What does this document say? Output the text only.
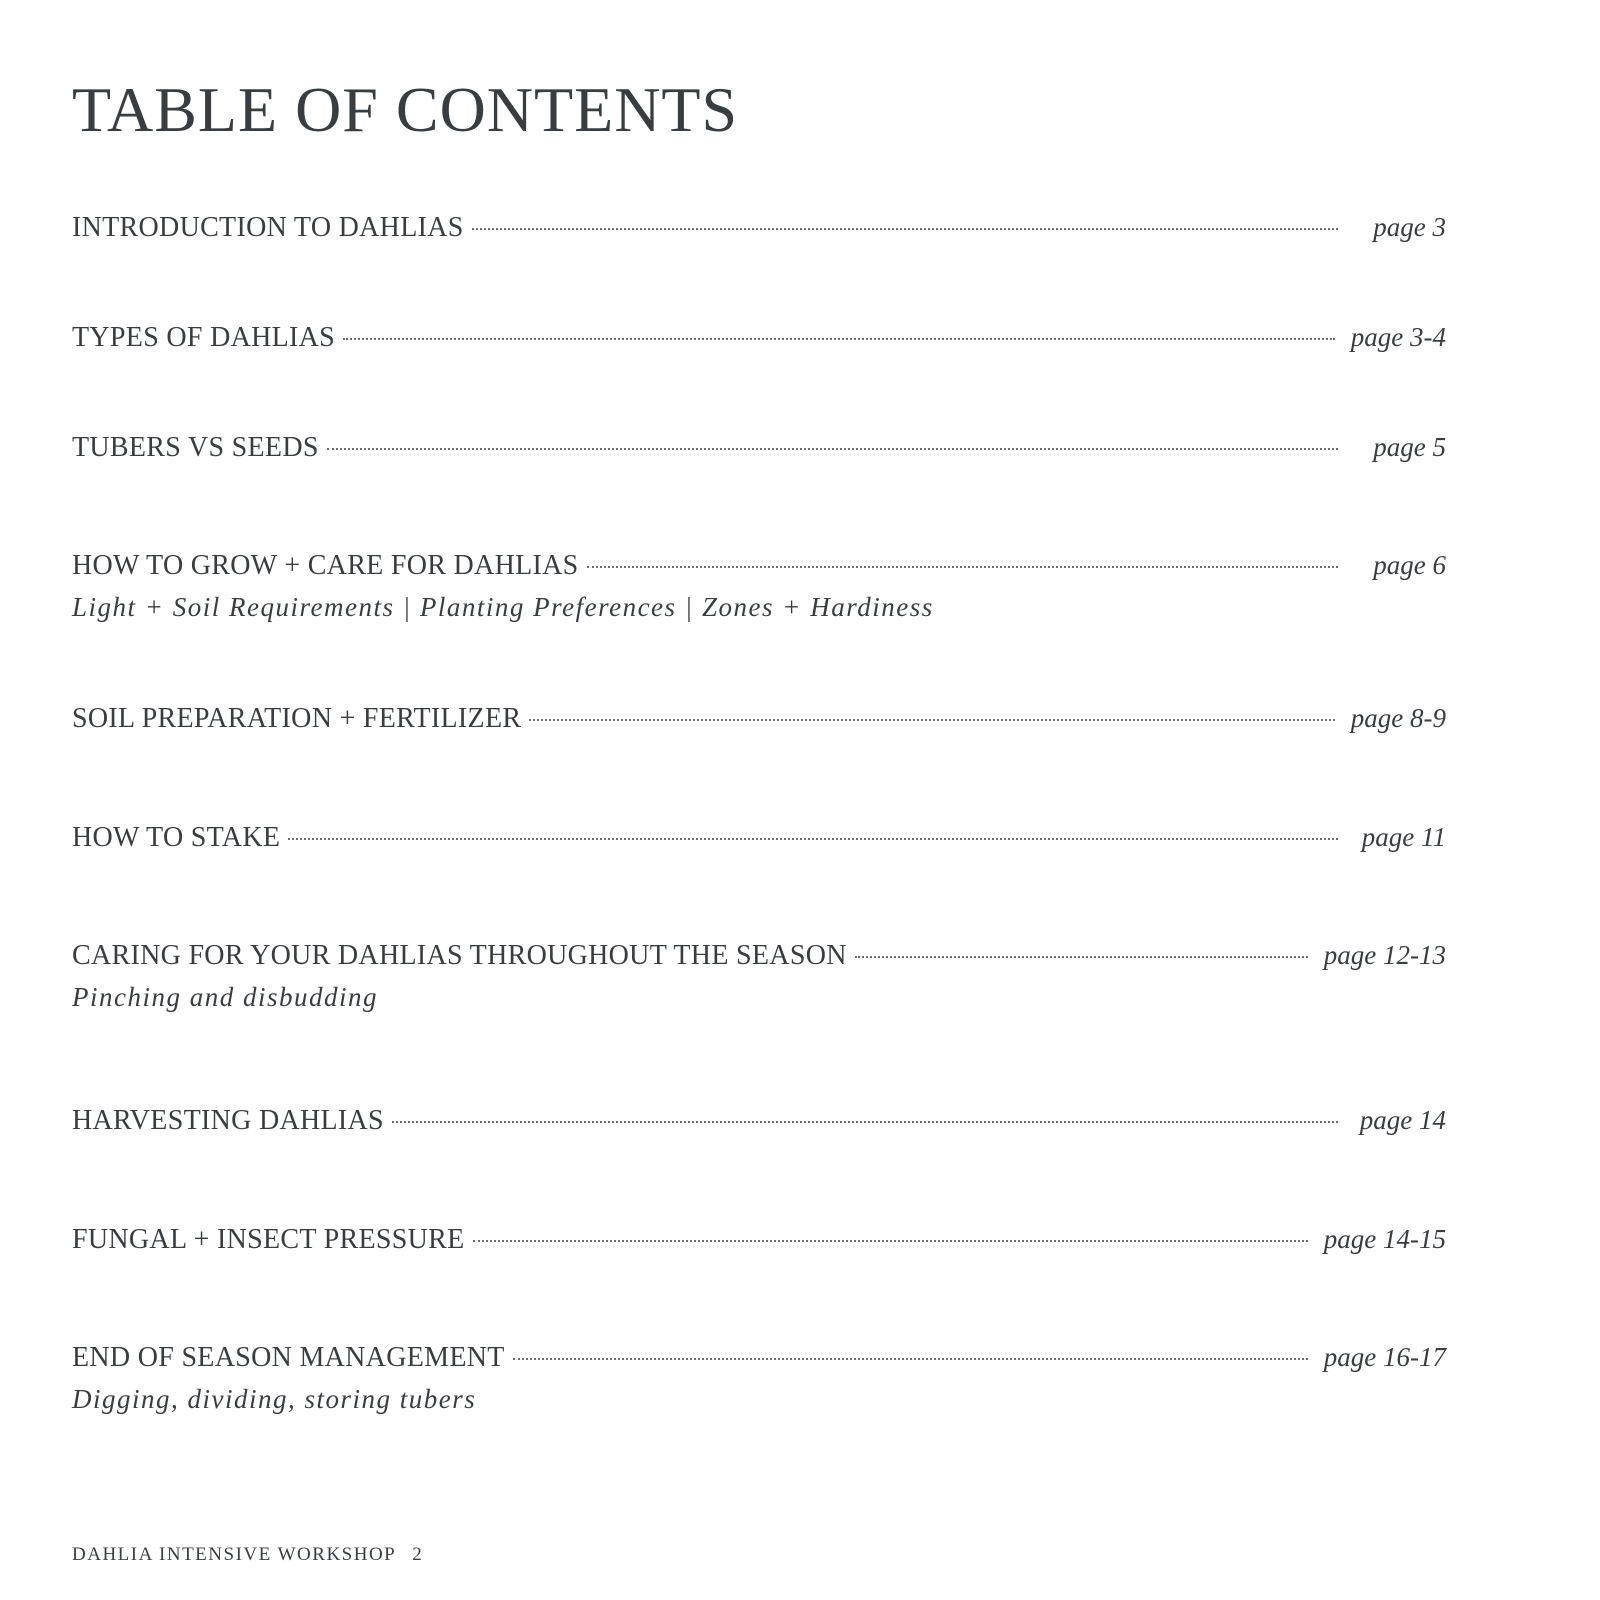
TABLE OF CONTENTS
INTRODUCTION TO DAHLIAS	page 3
TYPES OF DAHLIAS	page 3-4
TUBERS VS SEEDS	page 5
HOW TO GROW + CARE FOR DAHLIAS	page 6
Light + Soil Requirements | Planting Preferences | Zones + Hardiness
SOIL PREPARATION + FERTILIZER	page 8-9
HOW TO STAKE	page 11
CARING FOR YOUR DAHLIAS THROUGHOUT THE SEASON	page 12-13
Pinching and disbudding
HARVESTING DAHLIAS	page 14
FUNGAL + INSECT PRESSURE	page 14-15
END OF SEASON MANAGEMENT	page 16-17
Digging, dividing, storing tubers
DAHLIA INTENSIVE WORKSHOP 2
